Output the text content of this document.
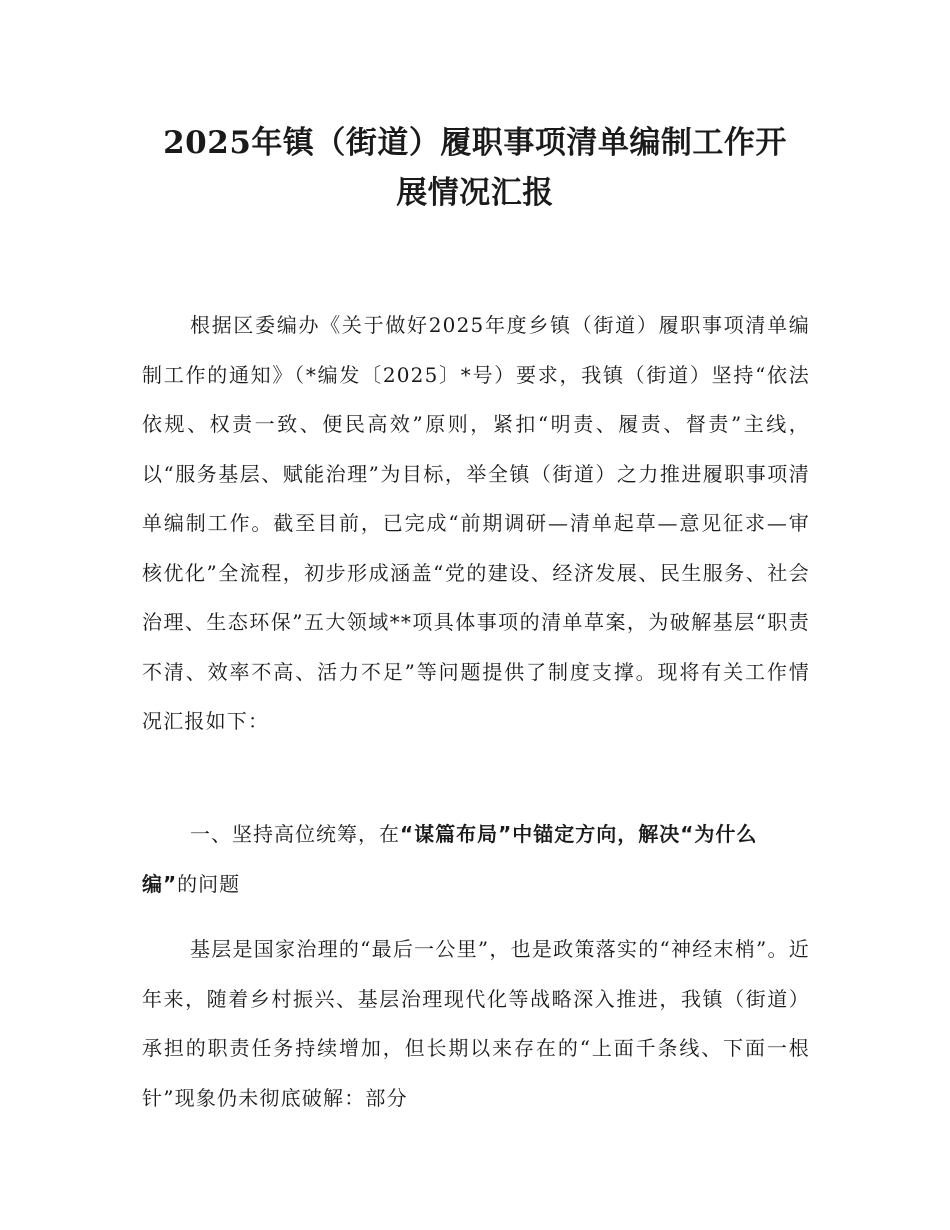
2025年镇（街道）履职事项清单编制工作开
展情况汇报

根据区委编办《关于做好2025年度乡镇（街道）履职事项清单编制工作的通知》（*编发〔2025〕*号）要求，我镇（街道）坚持“依法依规、权责一致、便民高效”原则，紧扣“明责、履责、督责”主线，以“服务基层、赋能治理”为目标，举全镇（街道）之力推进履职事项清单编制工作。截至目前，已完成“前期调研—清单起草—意见征求—审核优化”全流程，初步形成涵盖“党的建设、经济发展、民生服务、社会治理、生态环保”五大领域**项具体事项的清单草案，为破解基层“职责不清、效率不高、活力不足”等问题提供了制度支撑。现将有关工作情况汇报如下：

一、坚持高位统筹，在“谋篇布局”中锚定方向，解决“为什么编”的问题

基层是国家治理的“最后一公里”，也是政策落实的“神经末梢”。近年来，随着乡村振兴、基层治理现代化等战略深入推进，我镇（街道）承担的职责任务持续增加，但长期以来存在的“上面千条线、下面一根针”现象仍未彻底破解：部分
